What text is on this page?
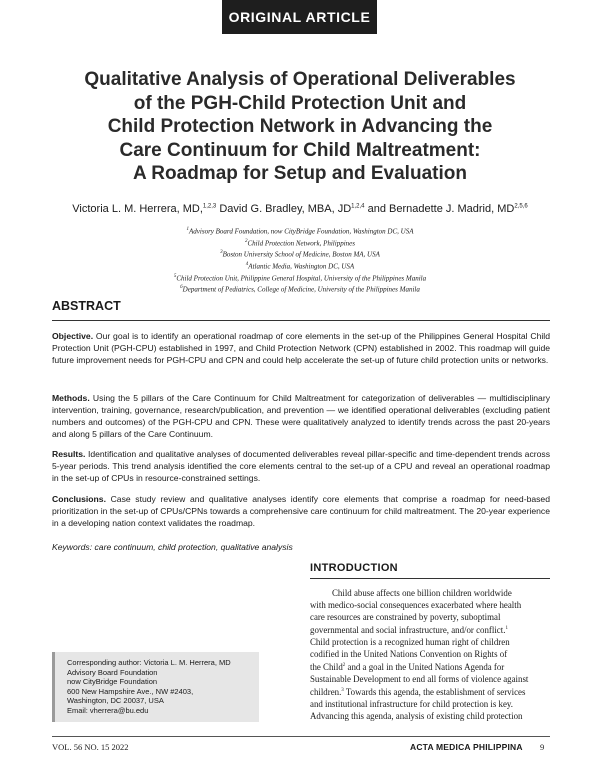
ORIGINAL ARTICLE
Qualitative Analysis of Operational Deliverables
of the PGH-Child Protection Unit and
Child Protection Network in Advancing the
Care Continuum for Child Maltreatment:
A Roadmap for Setup and Evaluation
Victoria L. M. Herrera, MD,$^{1,2,3}$ David G. Bradley, MBA, JD$^{1,2,4}$ and Bernadette J. Madrid, MD$^{2,5,6}$
$^1$Advisory Board Foundation, now CityBridge Foundation, Washington DC, USA
$^2$Child Protection Network, Philippines
$^3$Boston University School of Medicine, Boston MA, USA
$^4$Atlantic Media, Washington DC, USA
$^5$Child Protection Unit, Philippine General Hospital, University of the Philippines Manila
$^6$Department of Pediatrics, College of Medicine, University of the Philippines Manila
ABSTRACT

Objective. Our goal is to identify an operational roadmap of core elements in the set-up of the Philippines General Hospital Child Protection Unit (PGH-CPU) established in 1997, and Child Protection Network (CPN) established in 2002. This roadmap will guide future improvement needs for PGH-CPU and CPN and could help accelerate the set-up of future child protection units or networks.

Methods. Using the 5 pillars of the Care Continuum for Child Maltreatment for categorization of deliverables — multidisciplinary intervention, training, governance, research/publication, and prevention — we identified operational deliverables (excluding patient numbers and outcomes) of the PGH-CPU and CPN. These were qualitatively analyzed to identify trends across the past 20-years and along 5 pillars of the Care Continuum.

Results. Identification and qualitative analyses of documented deliverables reveal pillar-specific and time-dependent trends across 5-year periods. This trend analysis identified the core elements central to the set-up of a CPU and reveal an operational roadmap in the set-up of CPUs in resource-constrained settings.

Conclusions. Case study review and qualitative analyses identify core elements that comprise a roadmap for need-based prioritization in the set-up of CPUs/CPNs towards a comprehensive care continuum for child maltreatment. The 20-year experience in a developing nation context validates the roadmap.

Keywords: care continuum, child protection, qualitative analysis
INTRODUCTION
Child abuse affects one billion children worldwide
with medico-social consequences exacerbated where health
care resources are constrained by poverty, suboptimal
governmental and social infrastructure, and/or conflict.$^1$
Child protection is a recognized human right of children
codified in the United Nations Convention on Rights of
the Child$^2$ and a goal in the United Nations Agenda for
Sustainable Development to end all forms of violence against
children.$^3$ Towards this agenda, the establishment of services
and institutional infrastructure for child protection is key.
Advancing this agenda, analysis of existing child protection
Corresponding author: Victoria L. M. Herrera, MD
Advisory Board Foundation
now CityBridge Foundation
600 New Hampshire Ave., NW #2403,
Washington, DC 20037, USA
Email: vherrera@bu.edu
VOL. 56 NO. 15 2022	ACTA MEDICA PHILIPPINA 9
